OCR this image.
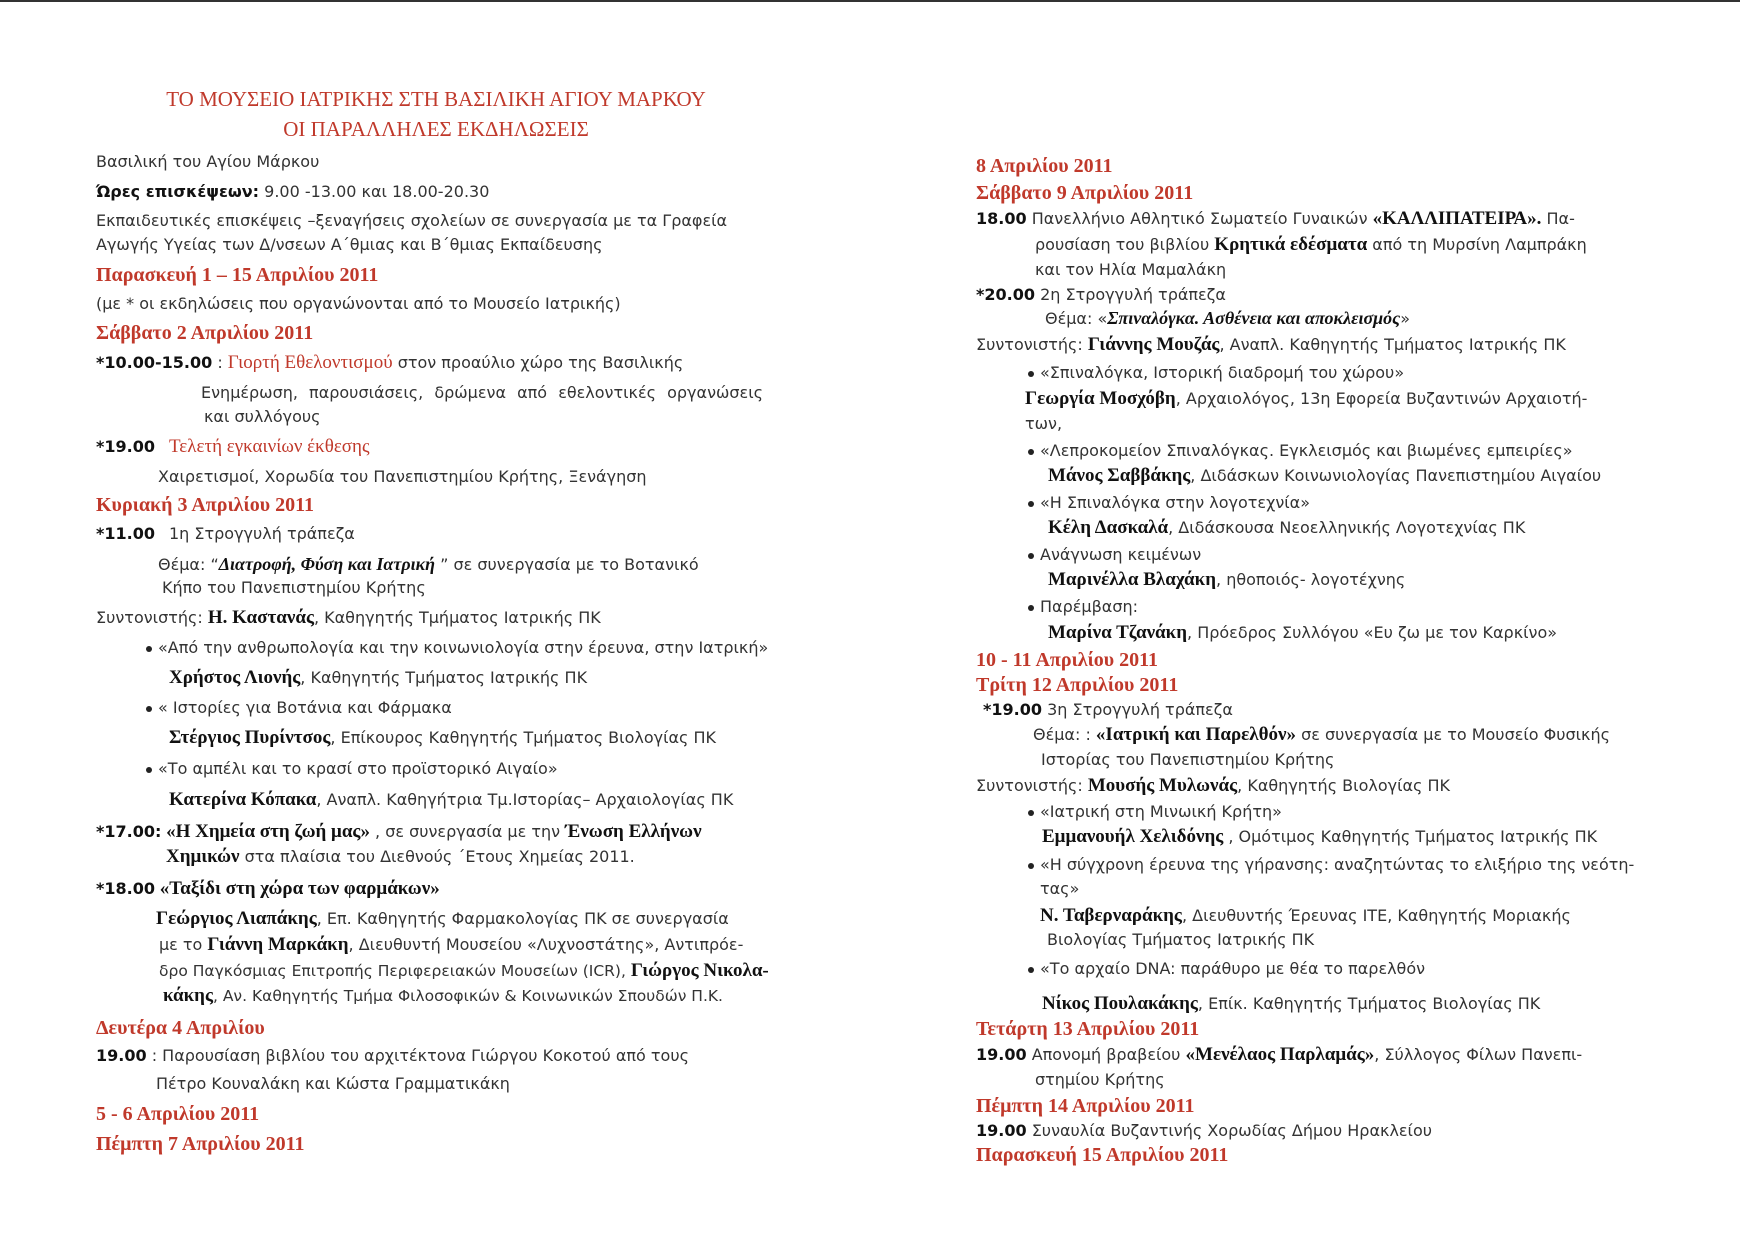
ΤΟ ΜΟΥΣΕΙΟ ΙΑΤΡΙΚΗΣ ΣΤΗ ΒΑΣΙΛΙΚΗ ΑΓΙΟΥ ΜΑΡΚΟΥ
ΟΙ ΠΑΡΑΛΛΗΛΕΣ ΕΚΔΗΛΩΣΕΙΣ
Βασιλική του Αγίου Μάρκου
Ώρες επισκέψεων: 9.00 -13.00 και 18.00-20.30
Εκπαιδευτικές επισκέψεις –ξεναγήσεις σχολείων σε συνεργασία με τα Γραφεία
Αγωγής Υγείας των Δ/νσεων Α΄θμιας και Β΄θμιας Εκπαίδευσης
Παρασκευή 1 – 15 Απριλίου 2011
(με * οι εκδηλώσεις που οργανώνονται από το Μουσείο Ιατρικής)
Σάββατο 2 Απριλίου 2011
*10.00-15.00 : Γιορτή Εθελοντισμού στον προαύλιο χώρο της Βασιλικής
Ενημέρωση, παρουσιάσεις, δρώμενα από εθελοντικές οργανώσεις
και συλλόγους
*19.00 Τελετή εγκαινίων έκθεσης
Χαιρετισμοί, Χορωδία του Πανεπιστημίου Κρήτης, Ξενάγηση
Κυριακή 3 Απριλίου 2011
*11.00 1η Στρογγυλή τράπεζα
Θέμα: “Διατροφή, Φύση και Ιατρική ” σε συνεργασία με το Βοτανικό
Κήπο του Πανεπιστημίου Κρήτης
Συντονιστής: Η. Καστανάς, Καθηγητής Τμήματος Ιατρικής ΠΚ
«Από την ανθρωπολογία και την κοινωνιολογία στην έρευνα, στην Ιατρική»
Χρήστος Λιονής, Καθηγητής Τμήματος Ιατρικής ΠΚ
« Ιστορίες για Βοτάνια και Φάρμακα
Στέργιος Πυρίντσος, Επίκουρος Καθηγητής Τμήματος Βιολογίας ΠΚ
«Το αμπέλι και το κρασί στο προϊστορικό Αιγαίο»
Κατερίνα Κόπακα, Αναπλ. Καθηγήτρια Τμ.Ιστορίας– Αρχαιολογίας ΠΚ
*17.00: «Η Χημεία στη ζωή μας» , σε συνεργασία με την Ένωση Ελλήνων
Χημικών στα πλαίσια του Διεθνούς ΄Ετους Χημείας 2011.
*18.00 «Ταξίδι στη χώρα των φαρμάκων»
Γεώργιος Λιαπάκης, Επ. Καθηγητής Φαρμακολογίας ΠΚ σε συνεργασία
με το Γιάννη Μαρκάκη, Διευθυντή Μουσείου «Λυχνοστάτης», Αντιπρόε-
δρο Παγκόσμιας Επιτροπής Περιφερειακών Μουσείων (ICR), Γιώργος Νικολα-
κάκης, Αν. Καθηγητής Τμήμα Φιλοσοφικών & Κοινωνικών Σπουδών Π.Κ.
Δευτέρα 4 Απριλίου
19.00 : Παρουσίαση βιβλίου του αρχιτέκτονα Γιώργου Κοκοτού από τους
Πέτρο Κουναλάκη και Κώστα Γραμματικάκη
5 - 6 Απριλίου 2011
Πέμπτη 7 Απριλίου 2011
8 Απριλίου 2011
Σάββατο 9 Απριλίου 2011
18.00 Πανελλήνιο Αθλητικό Σωματείο Γυναικών «ΚΑΛΛΙΠΑΤΕΙΡΑ». Πα-
ρουσίαση του βιβλίου Κρητικά εδέσματα από τη Μυρσίνη Λαμπράκη
και τον Ηλία Μαμαλάκη
*20.00 2η Στρογγυλή τράπεζα
Θέμα: «Σπιναλόγκα. Ασθένεια και αποκλεισμός»
Συντονιστής: Γιάννης Μουζάς, Αναπλ. Καθηγητής Τμήματος Ιατρικής ΠΚ
«Σπιναλόγκα, Ιστορική διαδρομή του χώρου»
Γεωργία Μοσχόβη, Αρχαιολόγος, 13η Εφορεία Βυζαντινών Αρχαιοτή-
των,
«Λεπροκομείον Σπιναλόγκας. Εγκλεισμός και βιωμένες εμπειρίες»
Μάνος Σαββάκης, Διδάσκων Κοινωνιολογίας Πανεπιστημίου Αιγαίου
«Η Σπιναλόγκα στην λογοτεχνία»
Κέλη Δασκαλά, Διδάσκουσα Νεοελληνικής Λογοτεχνίας ΠΚ
Ανάγνωση κειμένων
Μαρινέλλα Βλαχάκη, ηθοποιός- λογοτέχνης
Παρέμβαση:
Μαρίνα Τζανάκη, Πρόεδρος Συλλόγου «Ευ ζω με τον Καρκίνο»
10 - 11 Απριλίου 2011
Τρίτη 12 Απριλίου 2011
*19.00 3η Στρογγυλή τράπεζα
Θέμα: : «Ιατρική και Παρελθόν» σε συνεργασία με το Μουσείο Φυσικής
Ιστορίας του Πανεπιστημίου Κρήτης
Συντονιστής: Μουσής Μυλωνάς, Καθηγητής Βιολογίας ΠΚ
«Ιατρική στη Μινωική Κρήτη»
Εμμανουήλ Χελιδόνης , Ομότιμος Καθηγητής Τμήματος Ιατρικής ΠΚ
«Η σύγχρονη έρευνα της γήρανσης: αναζητώντας το ελιξήριο της νεότη-
τας»
Ν. Ταβερναράκης, Διευθυντής Έρευνας ΙΤΕ, Καθηγητής Μοριακής
Βιολογίας Τμήματος Ιατρικής ΠΚ
«Το αρχαίο DNA: παράθυρο με θέα το παρελθόν
Νίκος Πουλακάκης, Επίκ. Καθηγητής Τμήματος Βιολογίας ΠΚ
Τετάρτη 13 Απριλίου 2011
19.00 Απονομή βραβείου «Μενέλαος Παρλαμάς», Σύλλογος Φίλων Πανεπι-
στημίου Κρήτης
Πέμπτη 14 Απριλίου 2011
19.00 Συναυλία Βυζαντινής Χορωδίας Δήμου Ηρακλείου
Παρασκευή 15 Απριλίου 2011
